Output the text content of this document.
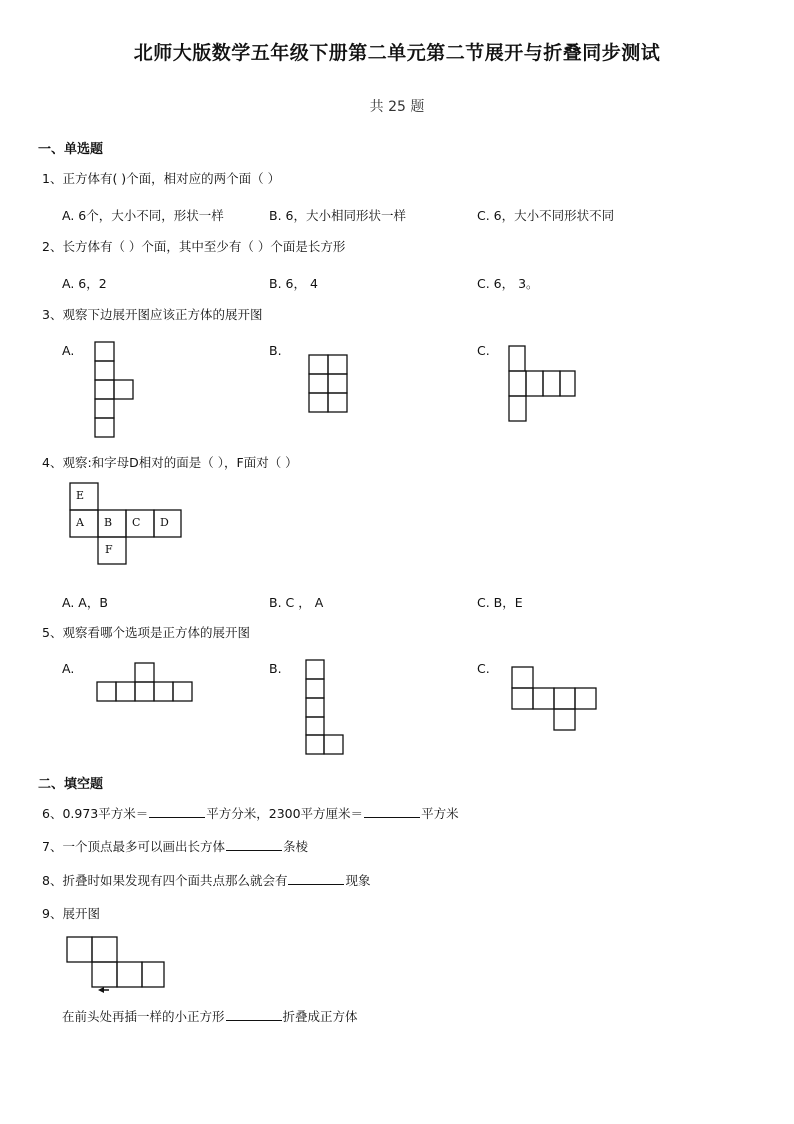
北师大版数学五年级下册第二单元第二节展开与折叠同步测试
共 25 题
一、单选题
1、正方体有( )个面，相对应的两个面（ ）
A. 6个，大小不同，形状一样	B. 6，大小相同形状一样	C. 6，大小不同形状不同
2、长方体有（ ）个面，其中至少有（ ）个面是长方形
A. 6，2	B. 6， 4	C. 6， 3。
3、观察下边展开图应该正方体的展开图
A.	B.	C.
4、观察:和字母D相对的面是（ ），F面对（ ）
E
A B C D
F
A. A，B	B. C ， A	C. B，E
5、观察看哪个选项是正方体的展开图
A.	B.	C.
二、填空题
6、0.973平方米＝	平方分米，2300平方厘米＝	平方米
7、一个顶点最多可以画出长方体	条棱
8、折叠时如果发现有四个面共点那么就会有	现象
9、展开图
在前头处再插一样的小正方形	折叠成正方体
